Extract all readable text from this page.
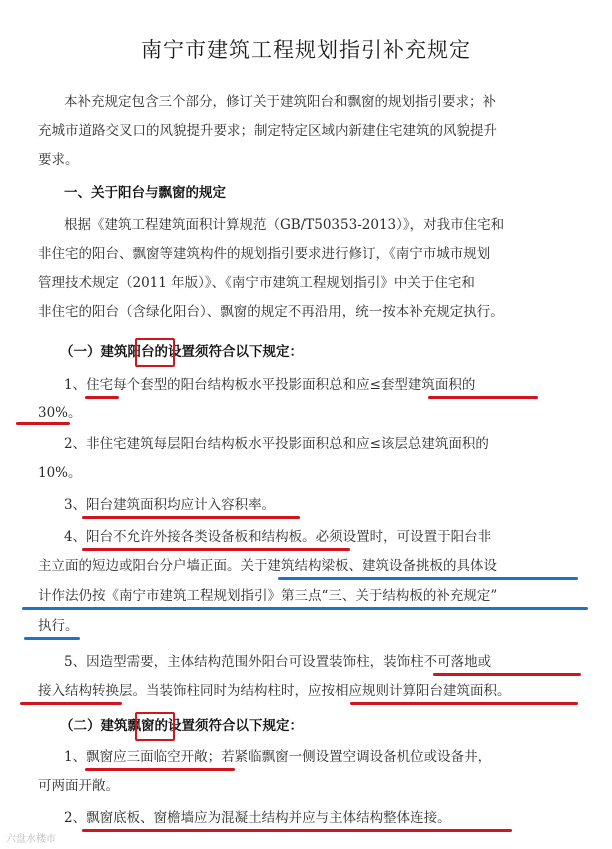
南宁市建筑工程规划指引补充规定
本补充规定包含三个部分，修订关于建筑阳台和飘窗的规划指引要求；补
充城市道路交叉口的风貌提升要求；制定特定区域内新建住宅建筑的风貌提升
要求。
一、关于阳台与飘窗的规定
根据《建筑工程建筑面积计算规范（GB/T50353-2013）》，对我市住宅和
非住宅的阳台、飘窗等建筑构件的规划指引要求进行修订，《南宁市城市规划
管理技术规定（2011 年版）》、《南宁市建筑工程规划指引》中关于住宅和
非住宅的阳台（含绿化阳台）、飘窗的规定不再沿用，统一按本补充规定执行。
（一）建筑阳台的设置须符合以下规定：
1、住宅每个套型的阳台结构板水平投影面积总和应≤套型建筑面积的
30%。
2、非住宅建筑每层阳台结构板水平投影面积总和应≤该层总建筑面积的
10%。
3、阳台建筑面积均应计入容积率。
4、阳台不允许外接各类设备板和结构板。必须设置时，可设置于阳台非
主立面的短边或阳台分户墙正面。关于建筑结构梁板、建筑设备挑板的具体设
计作法仍按《南宁市建筑工程规划指引》第三点“三、关于结构板的补充规定”
执行。
5、因造型需要，主体结构范围外阳台可设置装饰柱，装饰柱不可落地或
接入结构转换层。当装饰柱同时为结构柱时，应按相应规则计算阳台建筑面积。
（二）建筑飘窗的设置须符合以下规定：
1、飘窗应三面临空开敞；若紧临飘窗一侧设置空调设备机位或设备井，
可两面开敞。
2、飘窗底板、窗檐墙应为混凝土结构并应与主体结构整体连接。
六盘水楼市
